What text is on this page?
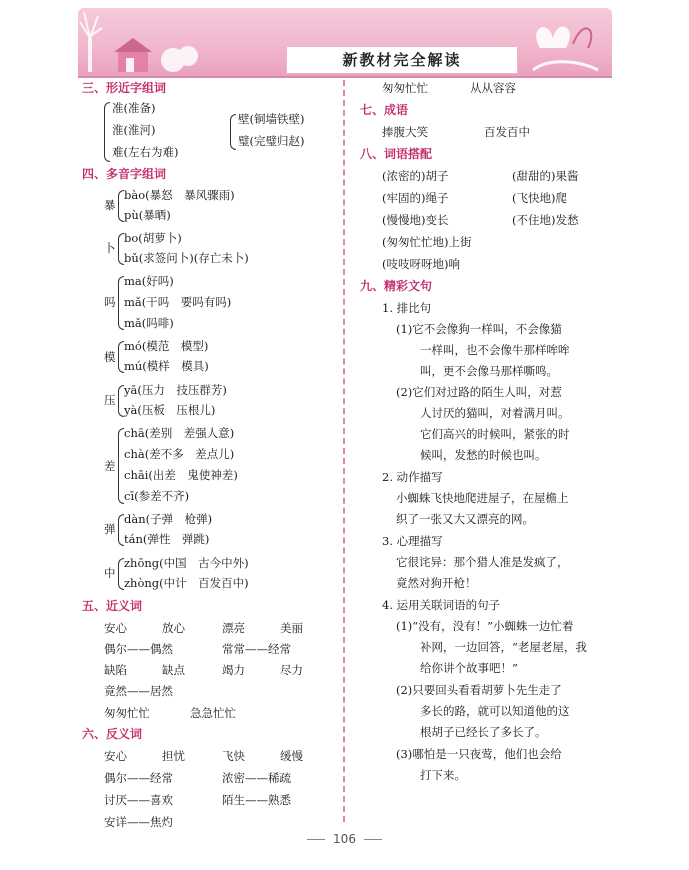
新教材完全解读
三、形近字组词
准(准备)
淮(淮河)
难(左右为难)
壁(铜墙铁壁)
璧(完璧归赵)
四、多音字组词
暴
bào(暴怒　暴风骤雨)
pù(暴晒)
卜
bo(胡萝卜)
bǔ(求签问卜)(存亡未卜)
吗
ma(好吗)
mǎ(干吗　要吗有吗)
mǎ(吗啡)
模
mó(模范　模型)
mú(模样　模具)
压
yā(压力　技压群芳)
yà(压板　压根儿)
差
chā(差别　差强人意)
chà(差不多　差点儿)
chāi(出差　鬼使神差)
cī(参差不齐)
弹
dàn(子弹　枪弹)
tán(弹性　弹跳)
中
zhōng(中国　古今中外)
zhòng(中计　百发百中)
五、近义词
安心	放心	漂亮	美丽
偶尔——偶然	常常——经常
缺陷	缺点	竭力	尽力
竟然——居然
匆匆忙忙	急急忙忙
六、反义词
安心	担忧	飞快	缓慢
偶尔——经常	浓密——稀疏
讨厌——喜欢	陌生——熟悉
安详——焦灼
匆匆忙忙	从从容容
七、成语
捧腹大笑	百发百中
八、词语搭配
(浓密的)胡子	(甜甜的)果酱
(牢固的)绳子	(飞快地)爬
(慢慢地)变长	(不住地)发愁
(匆匆忙忙地)上街
(吱吱呀呀地)响
九、精彩文句
1. 排比句
(1)它不会像狗一样叫，不会像猫
一样叫，也不会像牛那样哞哞
叫，更不会像马那样嘶鸣。
(2)它们对过路的陌生人叫，对惹
人讨厌的猫叫，对着满月叫。
它们高兴的时候叫，紧张的时
候叫，发愁的时候也叫。
2. 动作描写
小蜘蛛飞快地爬进屋子，在屋檐上
织了一张又大又漂亮的网。
3. 心理描写
它很诧异：那个猎人准是发疯了，
竟然对狗开枪！
4. 运用关联词语的句子
(1)“没有，没有！”小蜘蛛一边忙着
补网，一边回答，“老屋老屋，我
给你讲个故事吧！”
(2)只要回头看看胡萝卜先生走了
多长的路，就可以知道他的这
根胡子已经长了多长了。
(3)哪怕是一只夜莺，他们也会给
打下来。
106
